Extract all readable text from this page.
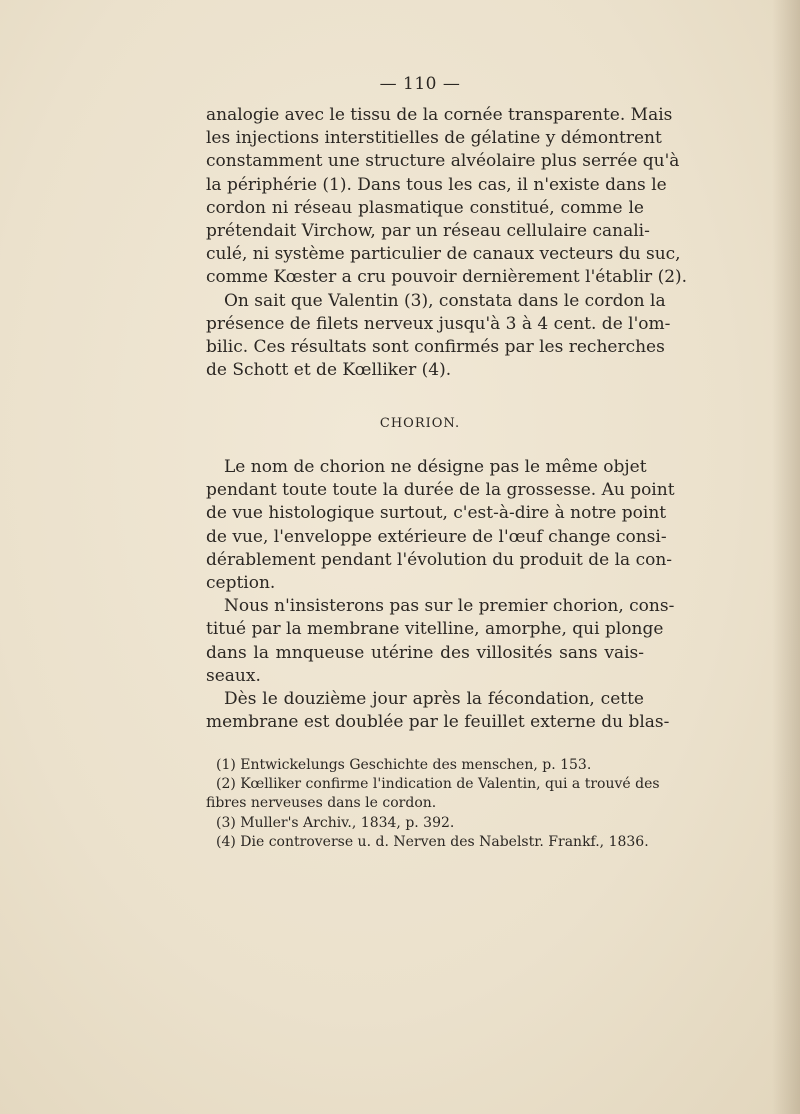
— 110 —

analogie avec le tissu de la cornée transparente. Mais
les injections interstitielles de gélatine y démontrent
constamment une structure alvéolaire plus serrée qu'à
la périphérie (1). Dans tous les cas, il n'existe dans le
cordon ni réseau plasmatique constitué, comme le
prétendait Virchow, par un réseau cellulaire canali-
culé, ni système particulier de canaux vecteurs du suc,
comme Kœster a cru pouvoir dernièrement l'établir (2).

On sait que Valentin (3), constata dans le cordon la
présence de filets nerveux jusqu'à 3 à 4 cent. de l'om-
bilic. Ces résultats sont confirmés par les recherches
de Schott et de Kœlliker (4).

CHORION.

Le nom de chorion ne désigne pas le même objet
pendant toute toute la durée de la grossesse. Au point
de vue histologique surtout, c'est-à-dire à notre point
de vue, l'enveloppe extérieure de l'œuf change consi-
dérablement pendant l'évolution du produit de la con-
ception.

Nous n'insisterons pas sur le premier chorion, cons-
titué par la membrane vitelline, amorphe, qui plonge
dans la mnqueuse utérine des villosités sans vais-
seaux.

Dès le douzième jour après la fécondation, cette
membrane est doublée par le feuillet externe du blas-

(1) Entwickelungs Geschichte des menschen, p. 153.
(2) Kœlliker confirme l'indication de Valentin, qui a trouvé des
fibres nerveuses dans le cordon.
(3) Muller's Archiv., 1834, p. 392.
(4) Die controverse u. d. Nerven des Nabelstr. Frankf., 1836.
